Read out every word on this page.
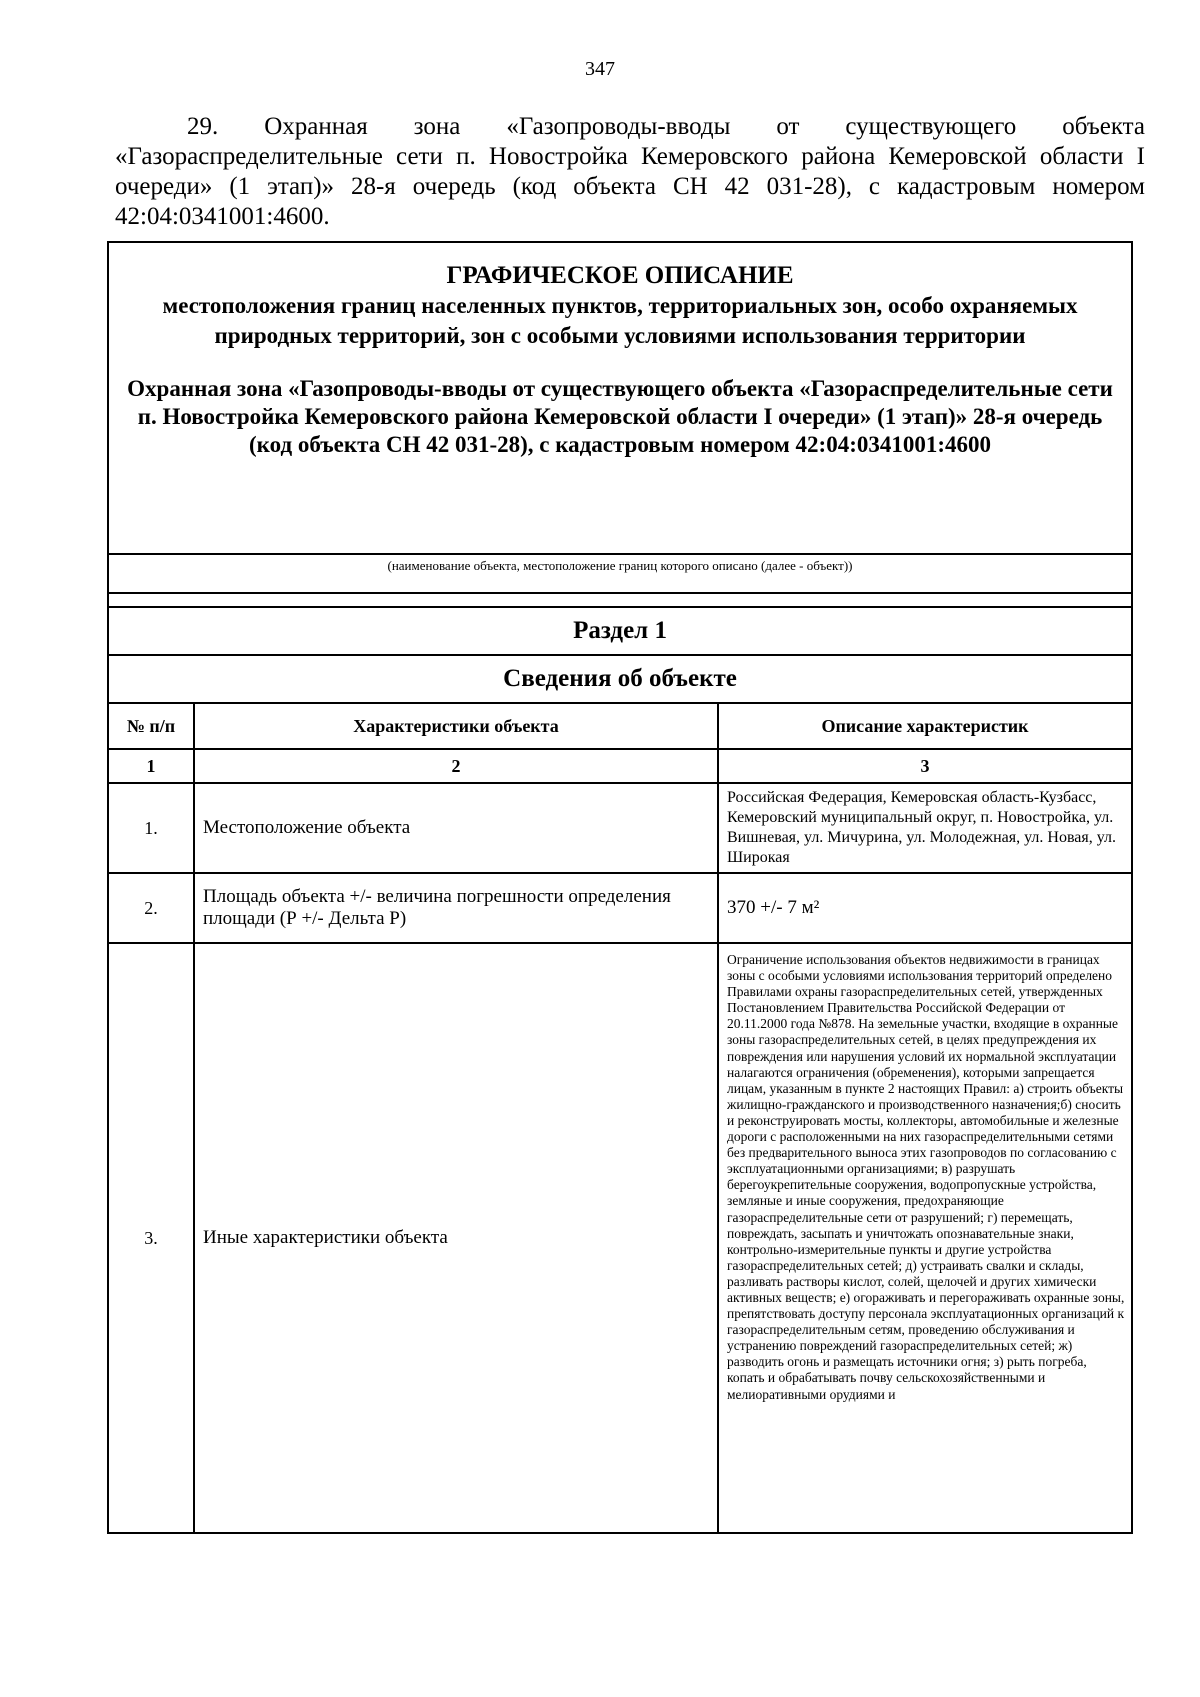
347

29. Охранная зона «Газопроводы-вводы от существующего объекта «Газораспределительные сети п. Новостройка Кемеровского района Кемеровской области I очереди» (1 этап)» 28-я очередь (код объекта СН 42 031-28), с кадастровым номером 42:04:0341001:4600.

ГРАФИЧЕСКОЕ ОПИСАНИЕ
местоположения границ населенных пунктов, территориальных зон, особо охраняемых природных территорий, зон с особыми условиями использования территории
Охранная зона «Газопроводы-вводы от существующего объекта «Газораспределительные сети п. Новостройка Кемеровского района Кемеровской области I очереди» (1 этап)» 28-я очередь (код объекта СН 42 031-28), с кадастровым номером 42:04:0341001:4600		

(наименование объекта, местоположение границ которого описано (далее - объект))		

Раздел 1		
Сведения об объекте		
№ п/п	Характеристики объекта	Описание характеристик
1	2	3
1.	Местоположение объекта	Российская Федерация, Кемеровская область-Кузбасс, Кемеровский муниципальный округ, п. Новостройка, ул. Вишневая, ул. Мичурина, ул. Молодежная, ул. Новая, ул. Широкая
2.	Площадь объекта +/- величина погрешности определения площади (Р +/- Дельта Р)	370 +/- 7 м²
3.	Иные характеристики объекта	Ограничение использования объектов недвижимости в границах зоны с особыми условиями использования территорий определено Правилами охраны газораспределительных сетей, утвержденных Постановлением Правительства Российской Федерации от 20.11.2000 года №878. На земельные участки, входящие в охранные зоны газораспределительных сетей, в целях предупреждения их повреждения или нарушения условий их нормальной эксплуатации налагаются ограничения (обременения), которыми запрещается лицам, указанным в пункте 2 настоящих Правил: а) строить объекты жилищно-гражданского и производственного назначения;б) сносить и реконструировать мосты, коллекторы, автомобильные и железные дороги с расположенными на них газораспределительными сетями без предварительного выноса этих газопроводов по согласованию с эксплуатационными организациями; в) разрушать берегоукрепительные сооружения, водопропускные устройства, земляные и иные сооружения, предохраняющие газораспределительные сети от разрушений; г) перемещать, повреждать, засыпать и уничтожать опознавательные знаки, контрольно-измерительные пункты и другие устройства газораспределительных сетей; д) устраивать свалки и склады, разливать растворы кислот, солей, щелочей и других химически активных веществ; е) огораживать и перегораживать охранные зоны, препятствовать доступу персонала эксплуатационных организаций к газораспределительным сетям, проведению обслуживания и устранению повреждений газораспределительных сетей; ж) разводить огонь и размещать источники огня; з) рыть погреба, копать и обрабатывать почву сельскохозяйственными и мелиоративными орудиями и
